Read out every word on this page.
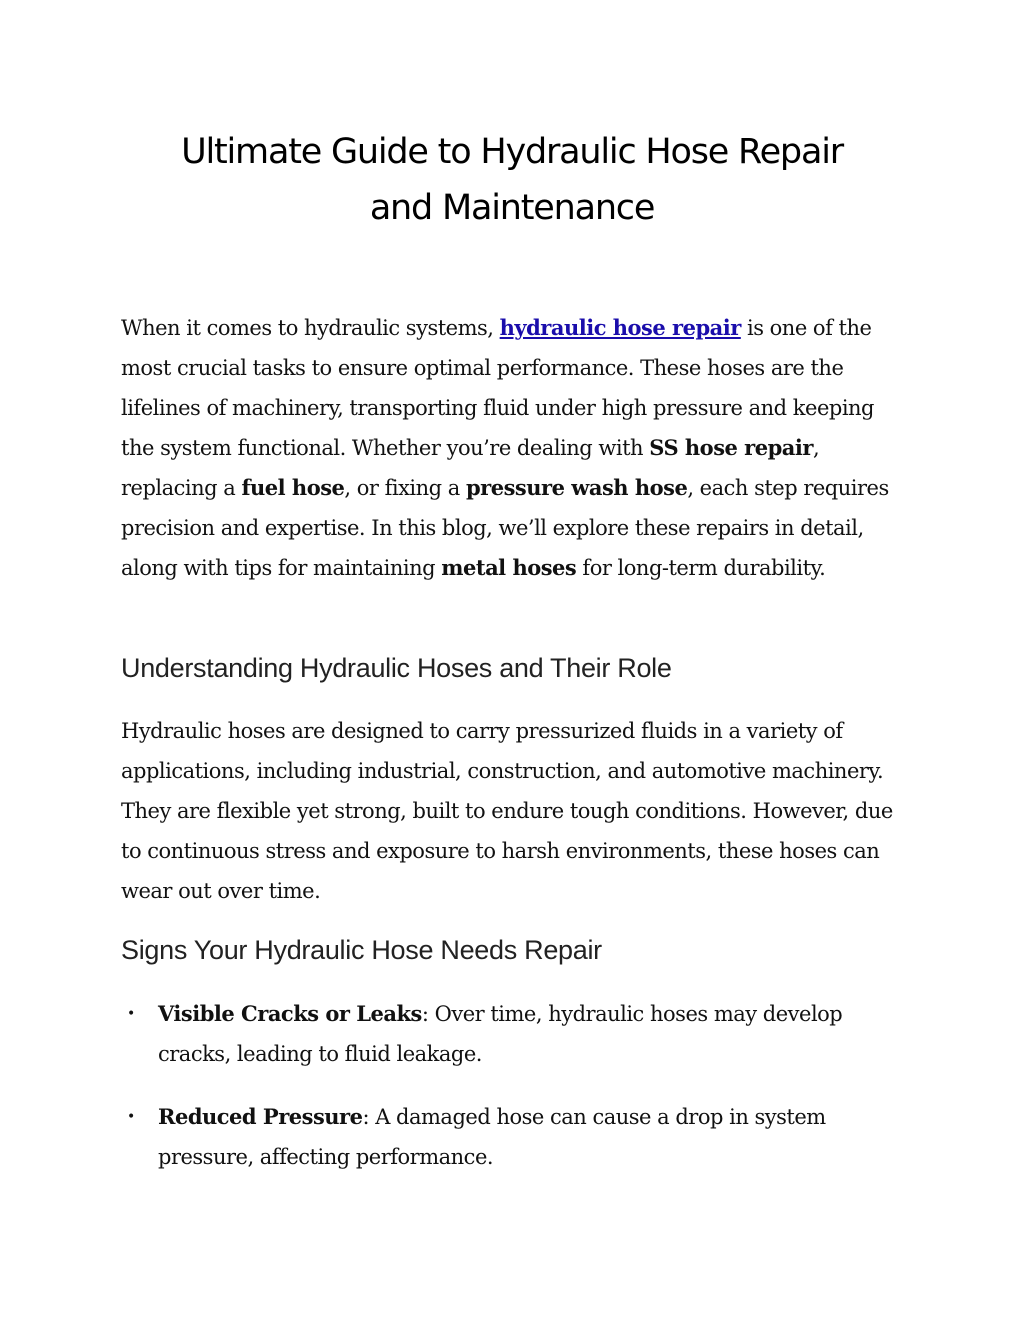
Ultimate Guide to Hydraulic Hose Repair
and Maintenance

When it comes to hydraulic systems, hydraulic hose repair is one of the most crucial tasks to ensure optimal performance. These hoses are the lifelines of machinery, transporting fluid under high pressure and keeping the system functional. Whether you’re dealing with SS hose repair, replacing a fuel hose, or fixing a pressure wash hose, each step requires precision and expertise. In this blog, we’ll explore these repairs in detail, along with tips for maintaining metal hoses for long-term durability.

Understanding Hydraulic Hoses and Their Role

Hydraulic hoses are designed to carry pressurized fluids in a variety of applications, including industrial, construction, and automotive machinery. They are flexible yet strong, built to endure tough conditions. However, due to continuous stress and exposure to harsh environments, these hoses can wear out over time.

Signs Your Hydraulic Hose Needs Repair
• Visible Cracks or Leaks: Over time, hydraulic hoses may develop cracks, leading to fluid leakage.
• Reduced Pressure: A damaged hose can cause a drop in system pressure, affecting performance.
